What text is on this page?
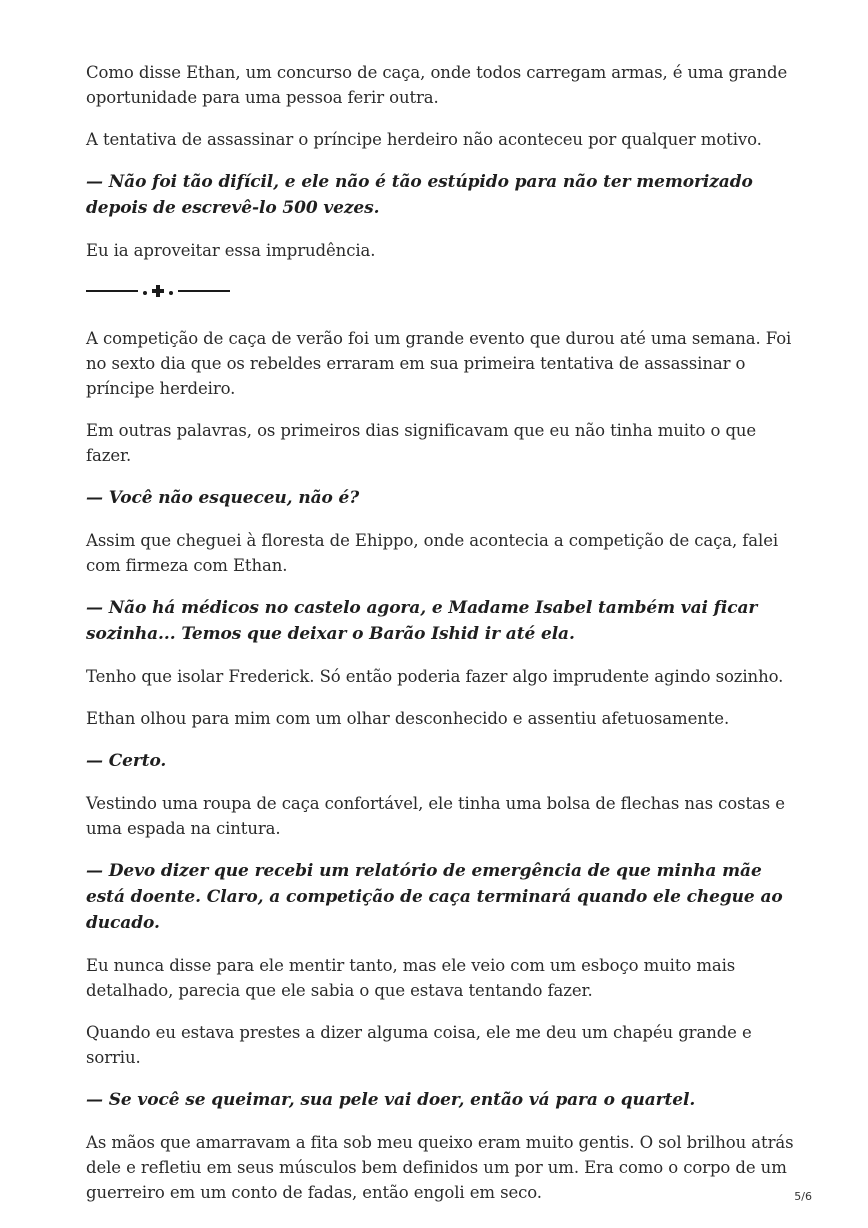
Como disse Ethan, um concurso de caça, onde todos carregam armas, é uma grande oportunidade para uma pessoa ferir outra.

A tentativa de assassinar o príncipe herdeiro não aconteceu por qualquer motivo.

— Não foi tão difícil, e ele não é tão estúpido para não ter memorizado depois de escrevê-lo 500 vezes.

Eu ia aproveitar essa imprudência.

A competição de caça de verão foi um grande evento que durou até uma semana. Foi no sexto dia que os rebeldes erraram em sua primeira tentativa de assassinar o príncipe herdeiro.

Em outras palavras, os primeiros dias significavam que eu não tinha muito o que fazer.

— Você não esqueceu, não é?

Assim que cheguei à floresta de Ehippo, onde acontecia a competição de caça, falei com firmeza com Ethan.

— Não há médicos no castelo agora, e Madame Isabel também vai ficar sozinha... Temos que deixar o Barão Ishid ir até ela.

Tenho que isolar Frederick. Só então poderia fazer algo imprudente agindo sozinho.

Ethan olhou para mim com um olhar desconhecido e assentiu afetuosamente.

— Certo.

Vestindo uma roupa de caça confortável, ele tinha uma bolsa de flechas nas costas e uma espada na cintura.

— Devo dizer que recebi um relatório de emergência de que minha mãe está doente. Claro, a competição de caça terminará quando ele chegue ao ducado.

Eu nunca disse para ele mentir tanto, mas ele veio com um esboço muito mais detalhado, parecia que ele sabia o que estava tentando fazer.

Quando eu estava prestes a dizer alguma coisa, ele me deu um chapéu grande e sorriu.

— Se você se queimar, sua pele vai doer, então vá para o quartel.

As mãos que amarravam a fita sob meu queixo eram muito gentis. O sol brilhou atrás dele e refletiu em seus músculos bem definidos um por um. Era como o corpo de um guerreiro em um conto de fadas, então engoli em seco.	5/6
